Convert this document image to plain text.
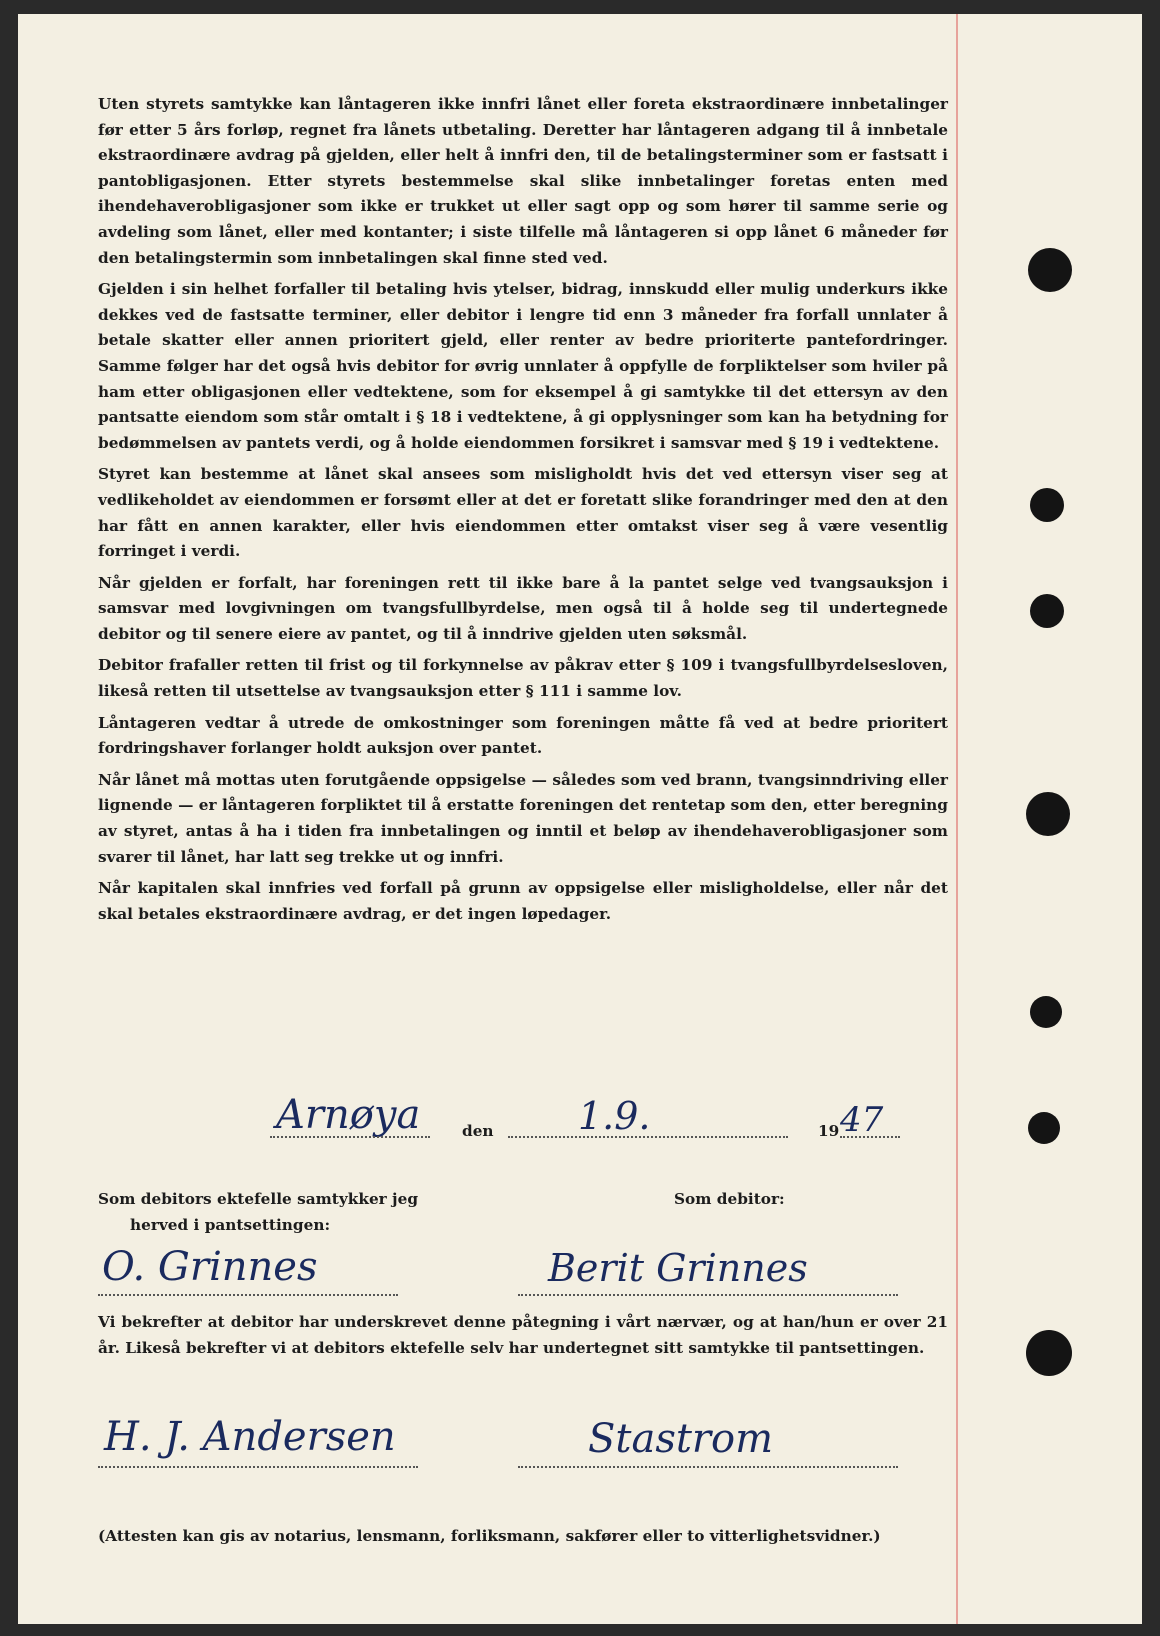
Uten styrets samtykke kan låntageren ikke innfri lånet eller foreta ekstraordinære innbetalinger før etter 5 års forløp, regnet fra lånets utbetaling. Deretter har låntageren adgang til å innbetale ekstraordinære avdrag på gjelden, eller helt å innfri den, til de betalingsterminer som er fastsatt i pantobligasjonen. Etter styrets bestemmelse skal slike innbetalinger foretas enten med ihendehaverobligasjoner som ikke er trukket ut eller sagt opp og som hører til samme serie og avdeling som lånet, eller med kontanter; i siste tilfelle må låntageren si opp lånet 6 måneder før den betalingstermin som innbetalingen skal finne sted ved.

Gjelden i sin helhet forfaller til betaling hvis ytelser, bidrag, innskudd eller mulig underkurs ikke dekkes ved de fastsatte terminer, eller debitor i lengre tid enn 3 måneder fra forfall unnlater å betale skatter eller annen prioritert gjeld, eller renter av bedre prioriterte pantefordringer. Samme følger har det også hvis debitor for øvrig unnlater å oppfylle de forpliktelser som hviler på ham etter obligasjonen eller vedtektene, som for eksempel å gi samtykke til det ettersyn av den pantsatte eiendom som står omtalt i § 18 i vedtektene, å gi opplysninger som kan ha betydning for bedømmelsen av pantets verdi, og å holde eiendommen forsikret i samsvar med § 19 i vedtektene.

Styret kan bestemme at lånet skal ansees som misligholdt hvis det ved ettersyn viser seg at vedlikeholdet av eiendommen er forsømt eller at det er foretatt slike forandringer med den at den har fått en annen karakter, eller hvis eiendommen etter omtakst viser seg å være vesentlig forringet i verdi.

Når gjelden er forfalt, har foreningen rett til ikke bare å la pantet selge ved tvangsauksjon i samsvar med lovgivningen om tvangsfullbyrdelse, men også til å holde seg til undertegnede debitor og til senere eiere av pantet, og til å inndrive gjelden uten søksmål.

Debitor frafaller retten til frist og til forkynnelse av påkrav etter § 109 i tvangsfullbyrdelsesloven, likeså retten til utsettelse av tvangsauksjon etter § 111 i samme lov.

Låntageren vedtar å utrede de omkostninger som foreningen måtte få ved at bedre prioritert fordringshaver forlanger holdt auksjon over pantet.

Når lånet må mottas uten forutgående oppsigelse — således som ved brann, tvangsinndriving eller lignende — er låntageren forpliktet til å erstatte foreningen det rentetap som den, etter beregning av styret, antas å ha i tiden fra innbetalingen og inntil et beløp av ihendehaverobligasjoner som svarer til lånet, har latt seg trekke ut og innfri.

Når kapitalen skal innfries ved forfall på grunn av oppsigelse eller misligholdelse, eller når det skal betales ekstraordinære avdrag, er det ingen løpedager.

Arnøya	den 1.9.	19 47
Som debitors ektefelle samtykker jeg
herved i pantsettingen:
O. Grinnes
Som debitor:
Berit Grinnes
Vi bekrefter at debitor har underskrevet denne påtegning i vårt nærvær, og at han/hun er over 21 år. Likeså bekrefter vi at debitors ektefelle selv har undertegnet sitt samtykke til pantsettingen.
H. J. Andersen	Stastrom
(Attesten kan gis av notarius, lensmann, forliksmann, sakfører eller to vitterlighetsvidner.)
